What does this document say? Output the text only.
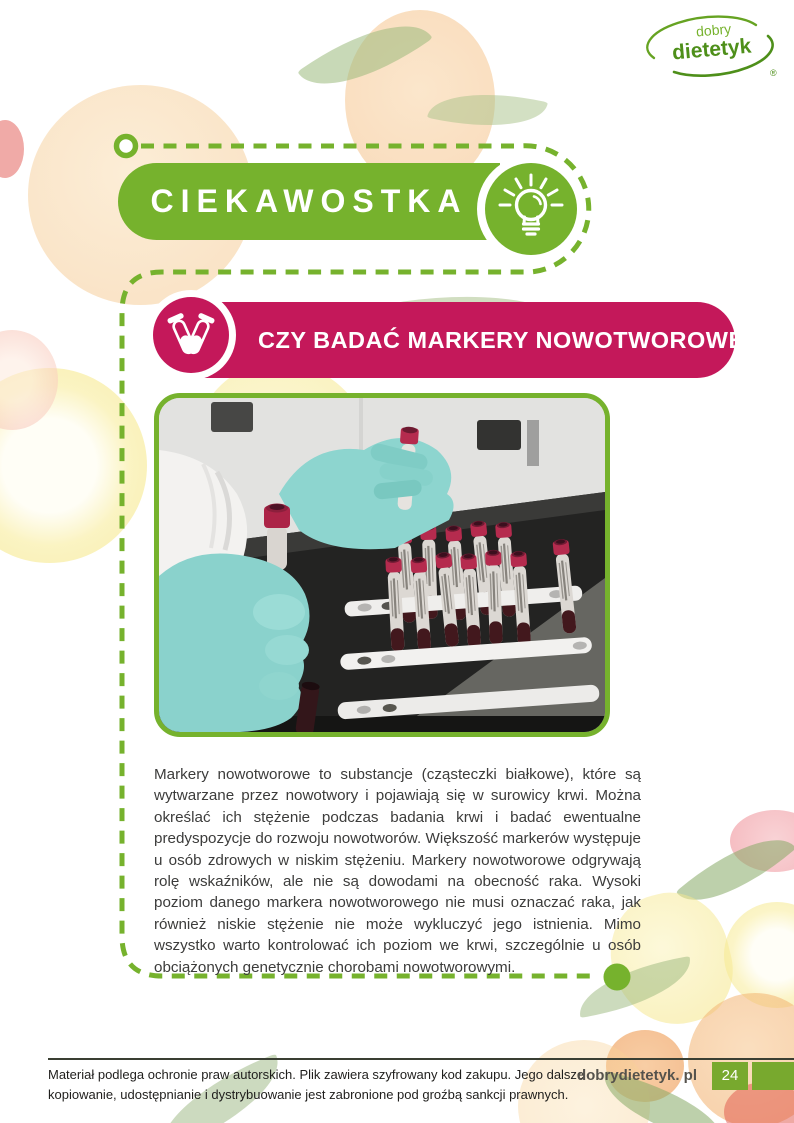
dobry
dietetyk
®
CIEKAWOSTKA
CZY BADAĆ MARKERY NOWOTWOROWE?
Markery nowotworowe to substancje (cząsteczki białkowe), które są wytwarzane przez nowotwory i pojawiają się w surowicy krwi. Można określać ich stężenie podczas badania krwi i badać ewentualne predyspozycje do rozwoju nowotworów. Większość markerów występuje u osób zdrowych w niskim stężeniu. Markery nowotworowe odgrywają rolę wskaźników, ale nie są dowodami na obecność raka. Wysoki poziom danego markera nowotworowego nie musi oznaczać raka, jak również niskie stężenie nie może wykluczyć jego istnienia. Mimo wszystko warto kontrolować ich poziom we krwi, szczególnie u osób obciążonych genetycznie chorobami nowotworowymi.
Materiał podlega ochronie praw autorskich. Plik zawiera szyfrowany kod zakupu. Jego dalsze kopiowanie, udostępnianie i dystrybuowanie jest zabronione pod groźbą sankcji prawnych.
dobrydietetyk. pl	24
